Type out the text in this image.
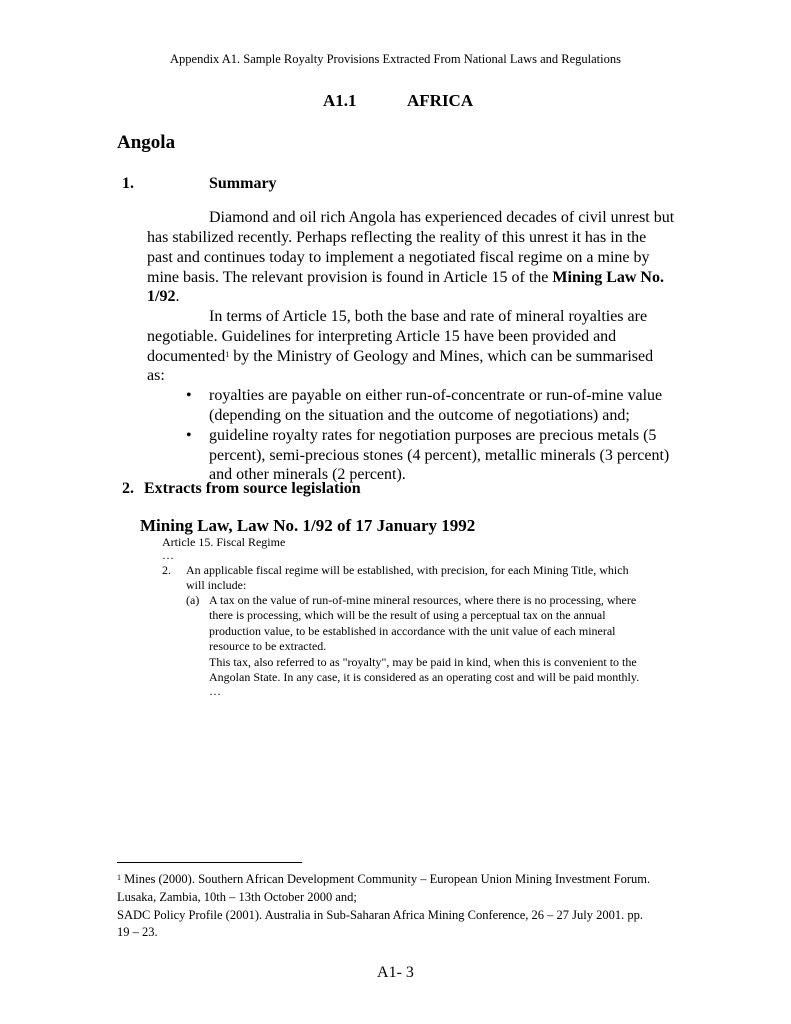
Appendix A1. Sample Royalty Provisions Extracted From National Laws and Regulations
A1.1	AFRICA
Angola
1.	Summary
Diamond and oil rich Angola has experienced decades of civil unrest but
has stabilized recently. Perhaps reflecting the reality of this unrest it has in the
past and continues today to implement a negotiated fiscal regime on a mine by
mine basis. The relevant provision is found in Article 15 of the Mining Law No.
1/92.
In terms of Article 15, both the base and rate of mineral royalties are
negotiable. Guidelines for interpreting Article 15 have been provided and
documented$^1$ by the Ministry of Geology and Mines, which can be summarised
as:
• royalties are payable on either run-of-concentrate or run-of-mine value
(depending on the situation and the outcome of negotiations) and;
• guideline royalty rates for negotiation purposes are precious metals (5
percent), semi-precious stones (4 percent), metallic minerals (3 percent)
and other minerals (2 percent).
2. Extracts from source legislation
Mining Law, Law No. 1/92 of 17 January 1992
Article 15. Fiscal Regime
…
2. An applicable fiscal regime will be established, with precision, for each Mining Title, which
will include:
(a) A tax on the value of run-of-mine mineral resources, where there is no processing, where
there is processing, which will be the result of using a perceptual tax on the annual
production value, to be established in accordance with the unit value of each mineral
resource to be extracted.
This tax, also referred to as "royalty", may be paid in kind, when this is convenient to the
Angolan State. In any case, it is considered as an operating cost and will be paid monthly.
…
$^1$ Mines (2000). Southern African Development Community – European Union Mining Investment Forum.
Lusaka, Zambia, 10th – 13th October 2000 and;
SADC Policy Profile (2001). Australia in Sub-Saharan Africa Mining Conference, 26 – 27 July 2001. pp.
19 – 23.
A1- 3
